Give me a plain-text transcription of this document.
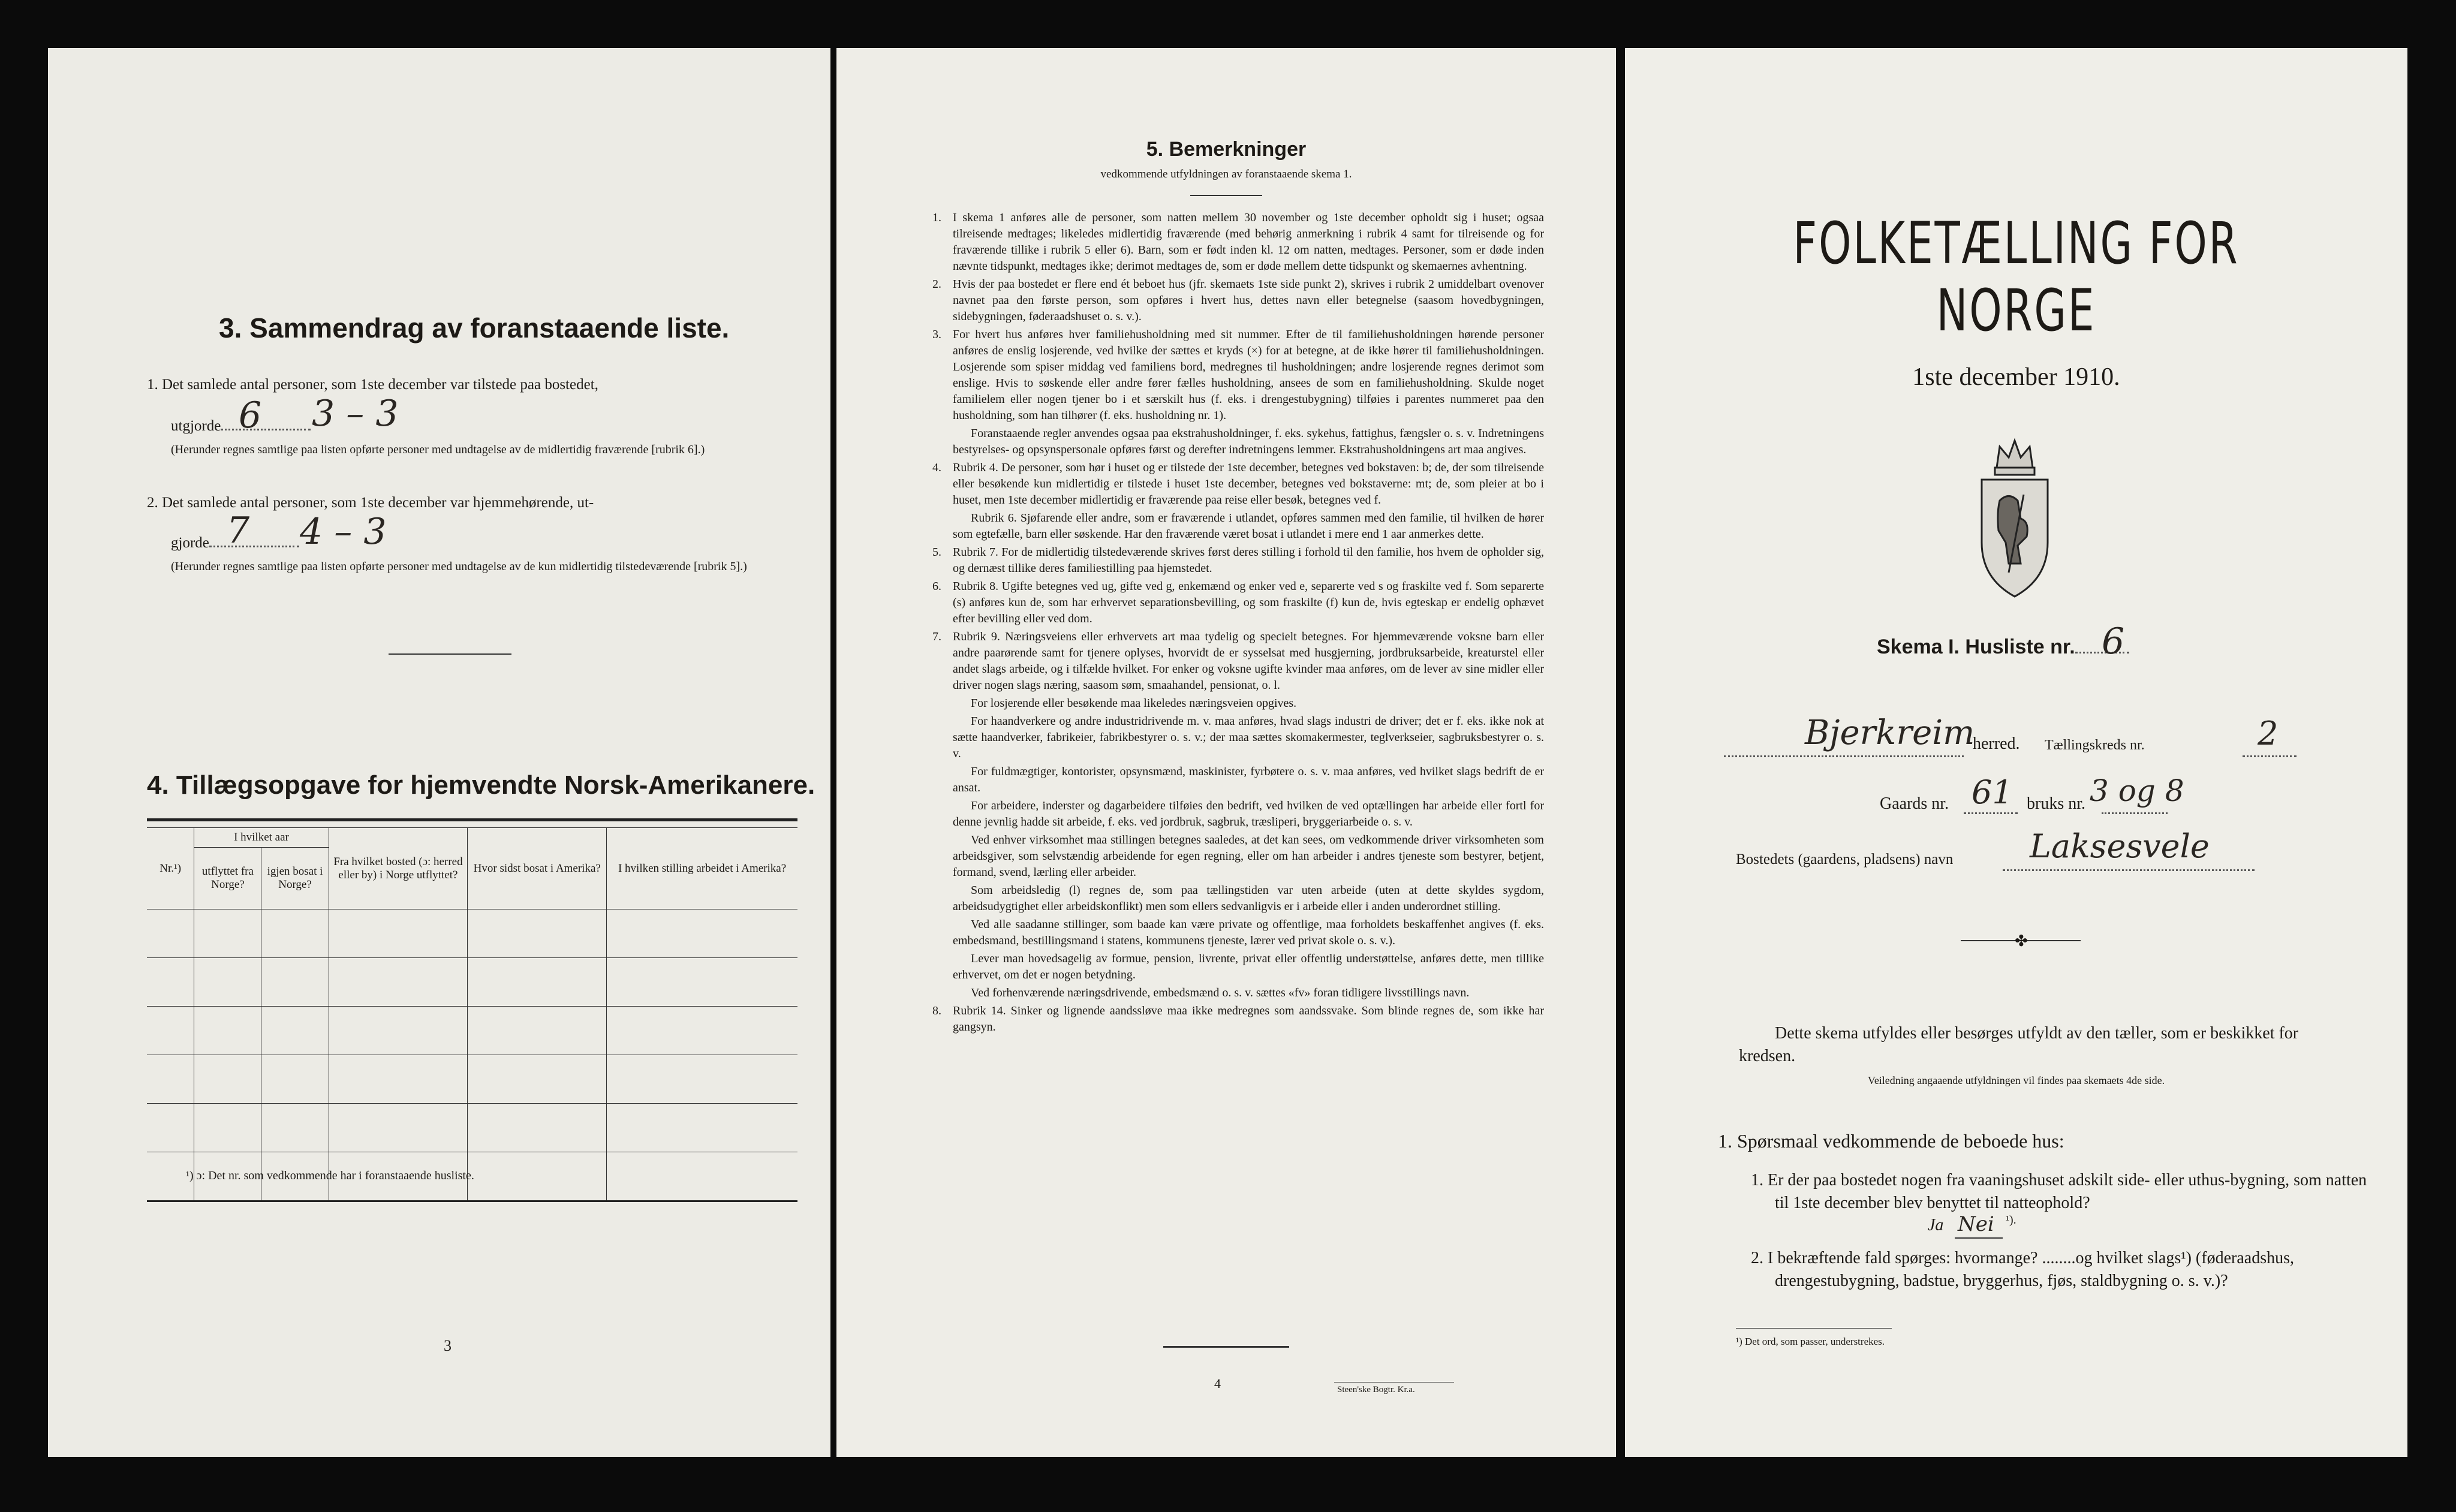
3. Sammendrag av foranstaaende liste.
1. Det samlede antal personer, som 1ste december var tilstede paa bostedet,
utgjorde 6 3 – 3
(Herunder regnes samtlige paa listen opførte personer med undtagelse av de midlertidig fraværende [rubrik 6].)
2. Det samlede antal personer, som 1ste december var hjemmehørende, ut-
gjorde 7 4 – 3
(Herunder regnes samtlige paa listen opførte personer med undtagelse av de kun midlertidig tilstedeværende [rubrik 5].)
4. Tillægsopgave for hjemvendte Norsk-Amerikanere.
Nr.¹)	I hvilket aar		Fra hvilket bosted (ɔ: herred eller by) i Norge utflyttet?	Hvor sidst bosat i Amerika?	I hvilken stilling arbeidet i Amerika?
	utflyttet fra Norge?	igjen bosat i Norge?			

¹) ɔ: Det nr. som vedkommende har i foranstaaende husliste.
3
5. Bemerkninger
vedkommende utfyldningen av foranstaaende skema 1.

1. I skema 1 anføres alle de personer, som natten mellem 30 november og 1ste december opholdt sig i huset; ogsaa tilreisende medtages; likeledes midlertidig fraværende (med behørig anmerkning i rubrik 4 samt for tilreisende og for fraværende tillike i rubrik 5 eller 6). Barn, som er født inden kl. 12 om natten, medtages. Personer, som er døde inden nævnte tidspunkt, medtages ikke; derimot medtages de, som er døde mellem dette tidspunkt og skemaernes avhentning.

2. Hvis der paa bostedet er flere end ét beboet hus (jfr. skemaets 1ste side punkt 2), skrives i rubrik 2 umiddelbart ovenover navnet paa den første person, som opføres i hvert hus, dettes navn eller betegnelse (saasom hovedbygningen, sidebygningen, føderaadshuset o. s. v.).

3. For hvert hus anføres hver familiehusholdning med sit nummer. Efter de til familiehusholdningen hørende personer anføres de enslig losjerende, ved hvilke der sættes et kryds (×) for at betegne, at de ikke hører til familiehusholdningen. Losjerende som spiser middag ved familiens bord, medregnes til husholdningen; andre losjerende regnes derimot som enslige. Hvis to søskende eller andre fører fælles husholdning, ansees de som en familiehusholdning. Skulde noget familielem eller nogen tjener bo i et særskilt hus (f. eks. i drengestubygning) tilføies i parentes nummeret paa den husholdning, som han tilhører (f. eks. husholdning nr. 1).

Foranstaaende regler anvendes ogsaa paa ekstrahusholdninger, f. eks. sykehus, fattighus, fængsler o. s. v. Indretningens bestyrelses- og opsynspersonale opføres først og derefter indretningens lemmer. Ekstrahusholdningens art maa angives.

4. Rubrik 4. De personer, som hør i huset og er tilstede der 1ste december, betegnes ved bokstaven: b; de, der som tilreisende eller besøkende kun midlertidig er tilstede i huset 1ste december, betegnes ved bokstaverne: mt; de, som pleier at bo i huset, men 1ste december midlertidig er fraværende paa reise eller besøk, betegnes ved f.

Rubrik 6. Sjøfarende eller andre, som er fraværende i utlandet, opføres sammen med den familie, til hvilken de hører som egtefælle, barn eller søskende. Har den fraværende været bosat i utlandet i mere end 1 aar anmerkes dette.

5. Rubrik 7. For de midlertidig tilstedeværende skrives først deres stilling i forhold til den familie, hos hvem de opholder sig, og dernæst tillike deres familiestilling paa hjemstedet.

6. Rubrik 8. Ugifte betegnes ved ug, gifte ved g, enkemænd og enker ved e, separerte ved s og fraskilte ved f. Som separerte (s) anføres kun de, som har erhvervet separationsbevilling, og som fraskilte (f) kun de, hvis egteskap er endelig ophævet efter bevilling eller ved dom.

7. Rubrik 9. Næringsveiens eller erhvervets art maa tydelig og specielt betegnes. For hjemmeværende voksne barn eller andre paarørende samt for tjenere oplyses, hvorvidt de er sysselsat med husgjerning, jordbruksarbeide, kreaturstel eller andet slags arbeide, og i tilfælde hvilket. For enker og voksne ugifte kvinder maa anføres, om de lever av sine midler eller driver nogen slags næring, saasom søm, smaahandel, pensionat, o. l.

For losjerende eller besøkende maa likeledes næringsveien opgives.

For haandverkere og andre industridrivende m. v. maa anføres, hvad slags industri de driver; det er f. eks. ikke nok at sætte haandverker, fabrikeier, fabrikbestyrer o. s. v.; der maa sættes skomakermester, teglverkseier, sagbruksbestyrer o. s. v.

For fuldmægtiger, kontorister, opsynsmænd, maskinister, fyrbøtere o. s. v. maa anføres, ved hvilket slags bedrift de er ansat.

For arbeidere, inderster og dagarbeidere tilføies den bedrift, ved hvilken de ved optællingen har arbeide eller fortl for denne jevnlig hadde sit arbeide, f. eks. ved jordbruk, sagbruk, træsliperi, bryggeriarbeide o. s. v.

Ved enhver virksomhet maa stillingen betegnes saaledes, at det kan sees, om vedkommende driver virksomheten som arbeidsgiver, som selvstændig arbeidende for egen regning, eller om han arbeider i andres tjeneste som bestyrer, betjent, formand, svend, lærling eller arbeider.

Som arbeidsledig (l) regnes de, som paa tællingstiden var uten arbeide (uten at dette skyldes sygdom, arbeidsudygtighet eller arbeidskonflikt) men som ellers sedvanligvis er i arbeide eller i anden underordnet stilling.

Ved alle saadanne stillinger, som baade kan være private og offentlige, maa forholdets beskaffenhet angives (f. eks. embedsmand, bestillingsmand i statens, kommunens tjeneste, lærer ved privat skole o. s. v.).

Lever man hovedsagelig av formue, pension, livrente, privat eller offentlig understøttelse, anføres dette, men tillike erhvervet, om det er nogen betydning.

Ved forhenværende næringsdrivende, embedsmænd o. s. v. sættes «fv» foran tidligere livsstillings navn.

8. Rubrik 14. Sinker og lignende aandssløve maa ikke medregnes som aandssvake. Som blinde regnes de, som ikke har gangsyn.

4	Steen'ske Bogtr. Kr.a.
FOLKETÆLLING FOR NORGE
1ste december 1910.
Skema I. Husliste nr. 6
Bjerkreim
herred. Tællingskreds nr.	2
Gaards nr. 61 bruks nr. 3 og 8
Bostedets (gaardens, pladsens) navn Laksesvele
✤
Dette skema utfyldes eller besørges utfyldt av den tæller, som er beskikket for kredsen.
Veiledning angaaende utfyldningen vil findes paa skemaets 4de side.
1. Spørsmaal vedkommende de beboede hus:
1. Er der paa bostedet nogen fra vaaningshuset adskilt side- eller uthus-bygning, som natten til 1ste december blev benyttet til natteophold?
Ja Nei ¹).
2. I bekræftende fald spørges: hvormange? ........og hvilket slags¹) (føderaadshus, drengestubygning, badstue, bryggerhus, fjøs, staldbygning o. s. v.)?
¹) Det ord, som passer, understrekes.
